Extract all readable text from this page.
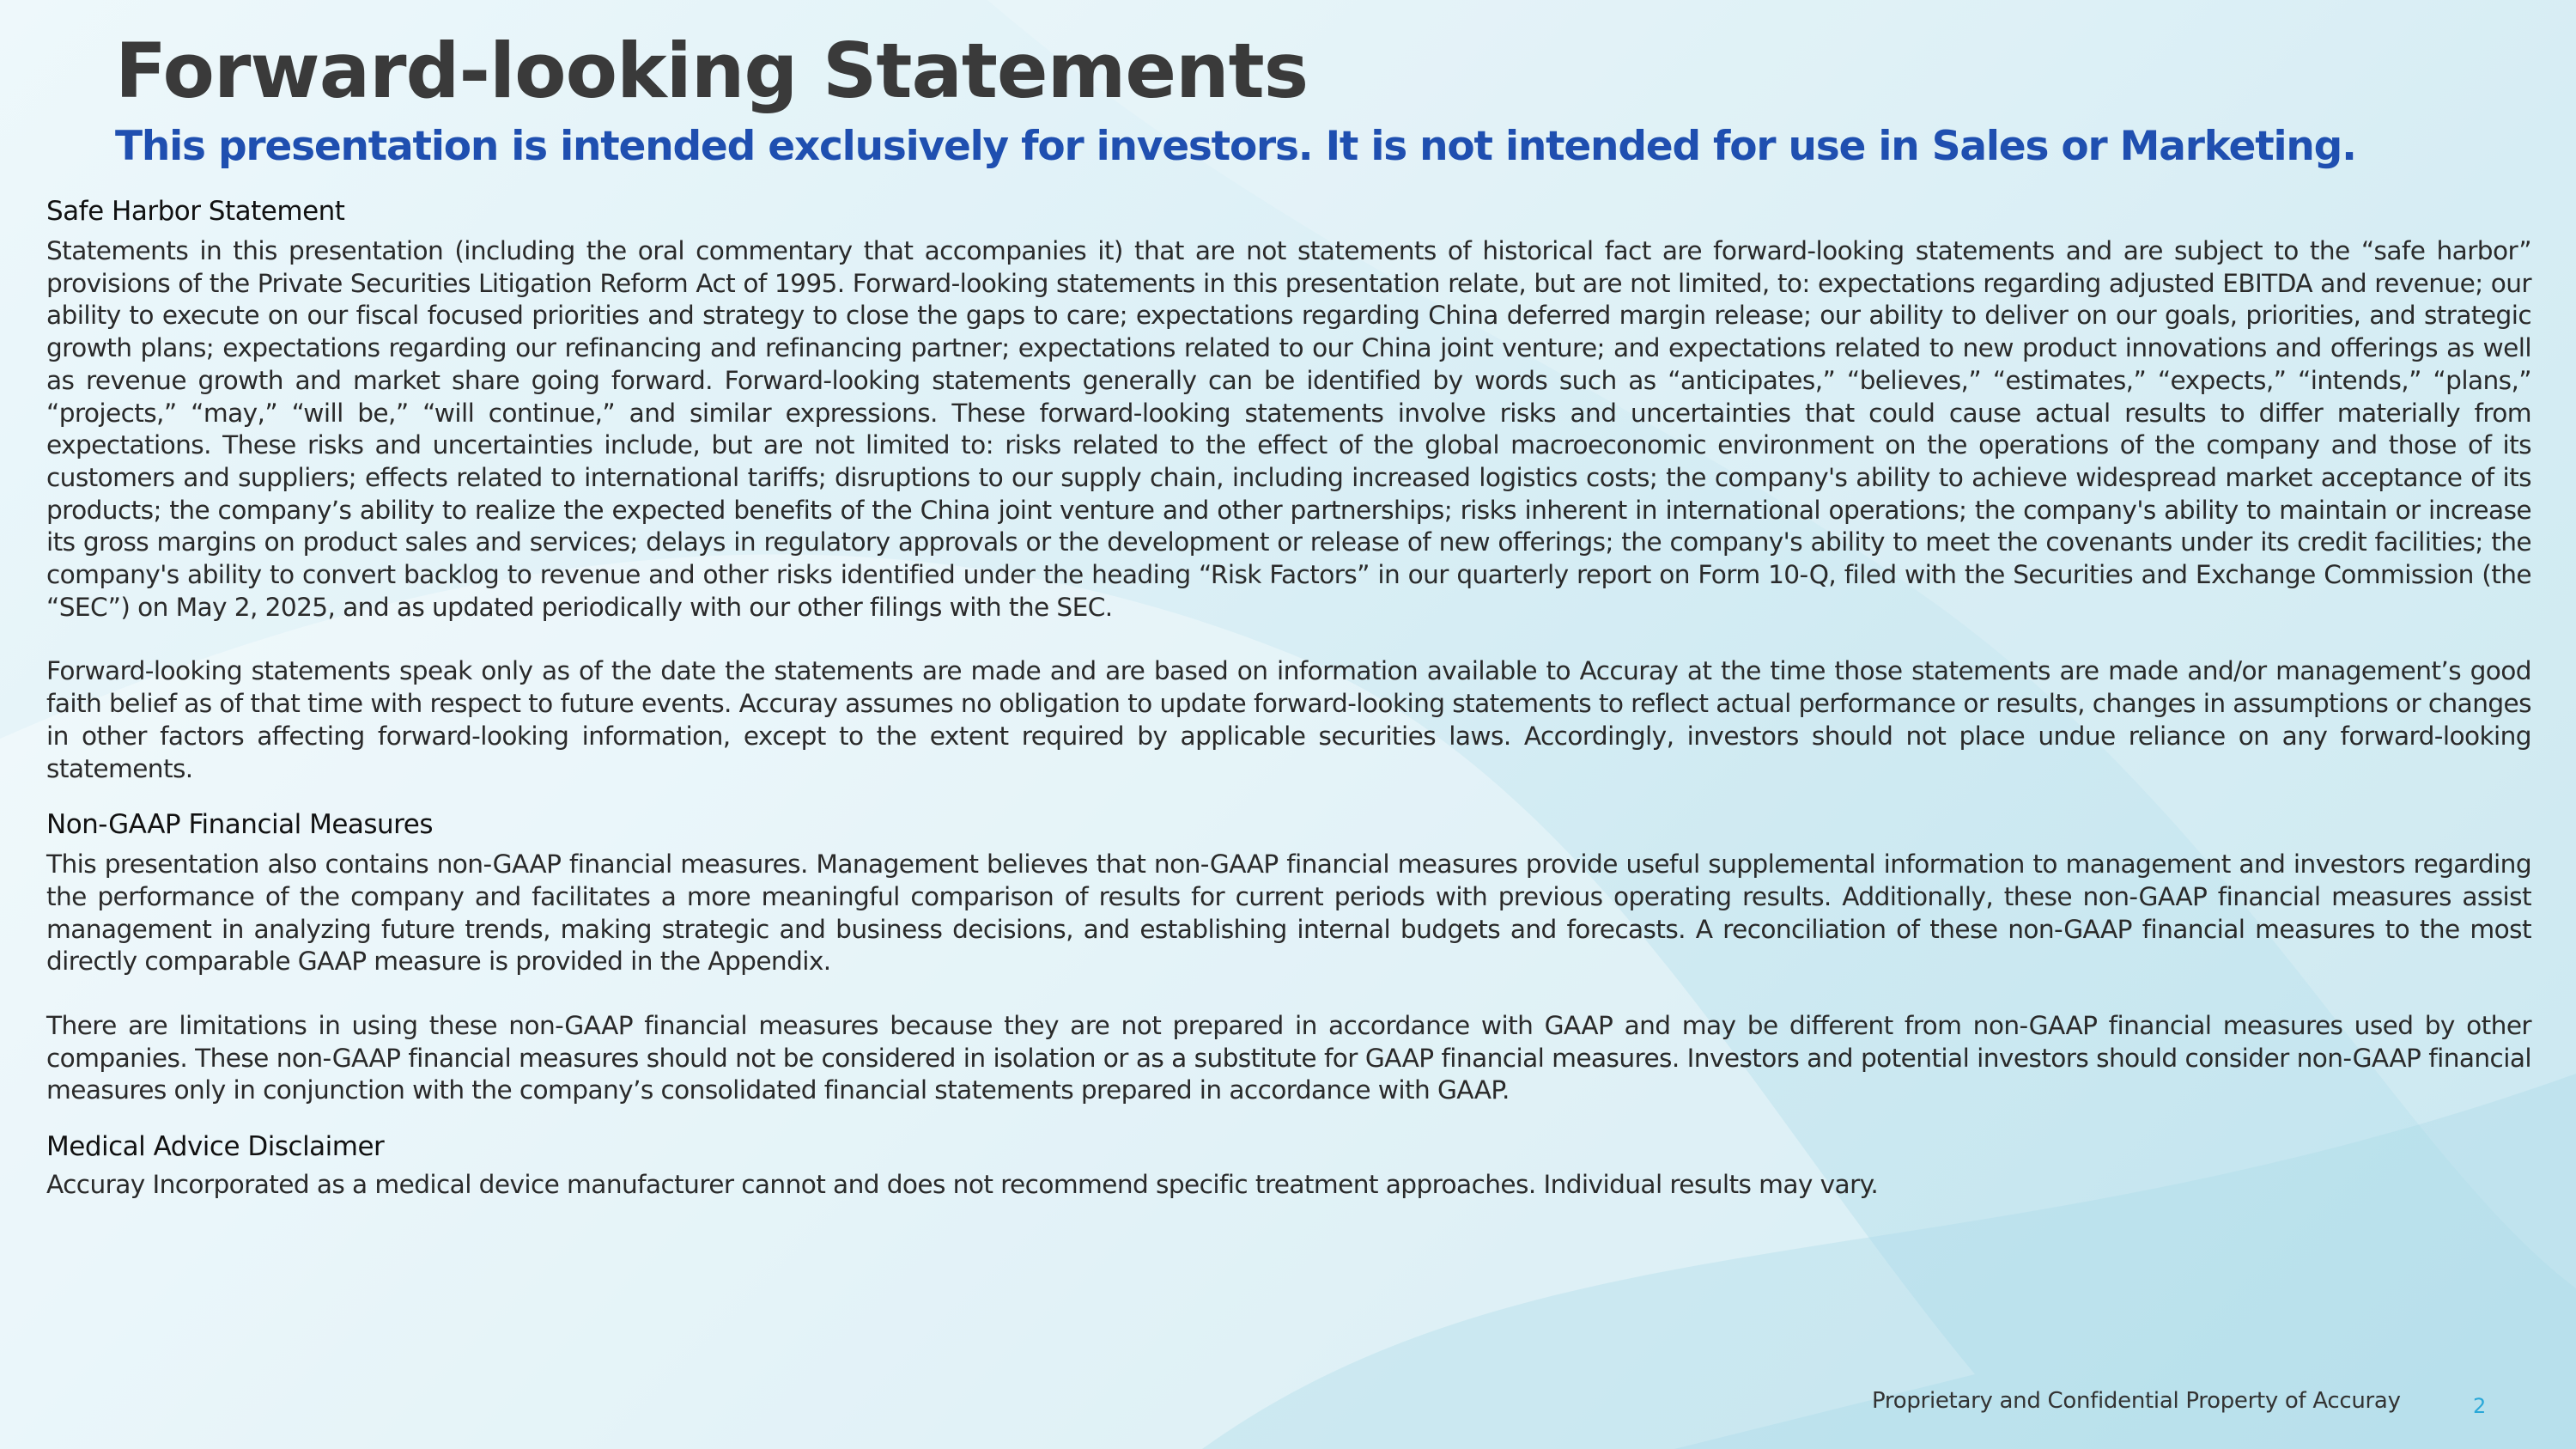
Forward-looking Statements
This presentation is intended exclusively for investors. It is not intended for use in Sales or Marketing.
Safe Harbor Statement

Statements in this presentation (including the oral commentary that accompanies it) that are not statements of historical fact are forward-looking statements and are subject to the “safe harbor” provisions of the Private Securities Litigation Reform Act of 1995. Forward-looking statements in this presentation relate, but are not limited, to: expectations regarding adjusted EBITDA and revenue; our ability to execute on our fiscal focused priorities and strategy to close the gaps to care; expectations regarding China deferred margin release; our ability to deliver on our goals, priorities, and strategic growth plans; expectations regarding our refinancing and refinancing partner; expectations related to our China joint venture; and expectations related to new product innovations and offerings as well as revenue growth and market share going forward. Forward-looking statements generally can be identified by words such as “anticipates,” “believes,” “estimates,” “expects,” “intends,” “plans,” “projects,” “may,” “will be,” “will continue,” and similar expressions. These forward-looking statements involve risks and uncertainties that could cause actual results to differ materially from expectations. These risks and uncertainties include, but are not limited to: risks related to the effect of the global macroeconomic environment on the operations of the company and those of its customers and suppliers; effects related to international tariffs; disruptions to our supply chain, including increased logistics costs; the company's ability to achieve widespread market acceptance of its products; the company’s ability to realize the expected benefits of the China joint venture and other partnerships; risks inherent in international operations; the company's ability to maintain or increase its gross margins on product sales and services; delays in regulatory approvals or the development or release of new offerings; the company's ability to meet the covenants under its credit facilities; the company's ability to convert backlog to revenue and other risks identified under the heading “Risk Factors” in our quarterly report on Form 10-Q, filed with the Securities and Exchange Commission (the “SEC”) on May 2, 2025, and as updated periodically with our other filings with the SEC.

Forward-looking statements speak only as of the date the statements are made and are based on information available to Accuray at the time those statements are made and/or management’s good faith belief as of that time with respect to future events. Accuray assumes no obligation to update forward-looking statements to reflect actual performance or results, changes in assumptions or changes in other factors affecting forward-looking information, except to the extent required by applicable securities laws. Accordingly, investors should not place undue reliance on any forward-looking statements.

Non-GAAP Financial Measures

This presentation also contains non-GAAP financial measures. Management believes that non-GAAP financial measures provide useful supplemental information to management and investors regarding the performance of the company and facilitates a more meaningful comparison of results for current periods with previous operating results. Additionally, these non-GAAP financial measures assist management in analyzing future trends, making strategic and business decisions, and establishing internal budgets and forecasts. A reconciliation of these non-GAAP financial measures to the most directly comparable GAAP measure is provided in the Appendix.

There are limitations in using these non-GAAP financial measures because they are not prepared in accordance with GAAP and may be different from non-GAAP financial measures used by other companies. These non-GAAP financial measures should not be considered in isolation or as a substitute for GAAP financial measures. Investors and potential investors should consider non-GAAP financial measures only in conjunction with the company’s consolidated financial statements prepared in accordance with GAAP.

Medical Advice Disclaimer

Accuray Incorporated as a medical device manufacturer cannot and does not recommend specific treatment approaches. Individual results may vary.

Proprietary and Confidential Property of Accuray	2
